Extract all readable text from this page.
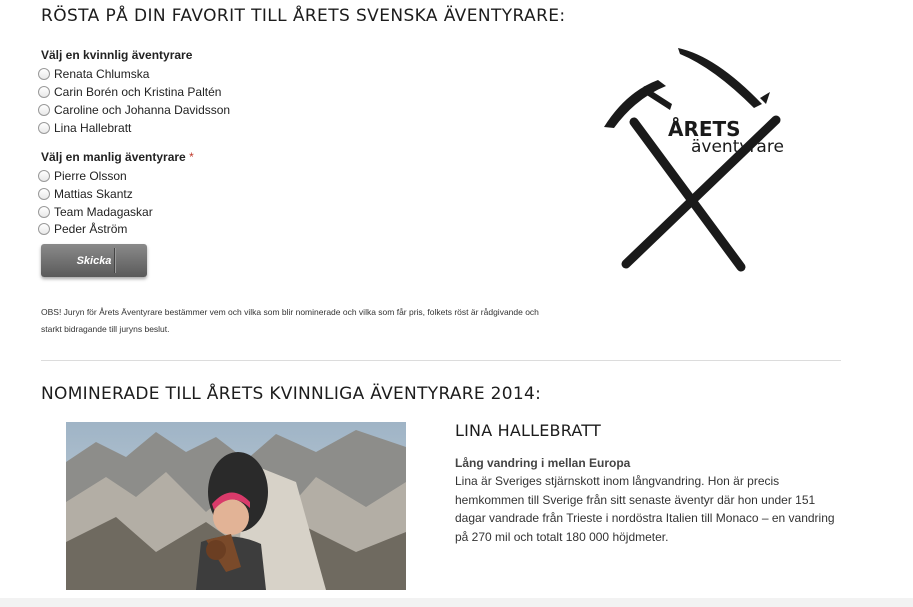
RÖSTA PÅ DIN FAVORIT TILL ÅRETS SVENSKA ÄVENTYRARE:
Välj en kvinnlig äventyrare
Renata Chlumska
Carin Borén och Kristina Paltén
Caroline och Johanna Davidsson
Lina Hallebratt
Välj en manlig äventyrare *
Pierre Olsson
Mattias Skantz
Team Madagaskar
Peder Åström
Skicka
OBS! Juryn för Årets Äventyrare bestämmer vem och vilka som blir nominerade och vilka som får pris, folkets röst är rådgivande och starkt bidragande till juryns beslut.
ÅRETS
äventyrare
NOMINERADE TILL ÅRETS KVINNLIGA ÄVENTYRARE 2014:
LINA HALLEBRATT
Lång vandring i mellan Europa
Lina är Sveriges stjärnskott inom långvandring. Hon är precis hemkommen till Sverige från sitt senaste äventyr där hon under 151 dagar vandrade från Trieste i nordöstra Italien till Monaco – en vandring på 270 mil och totalt 180 000 höjdmeter.
